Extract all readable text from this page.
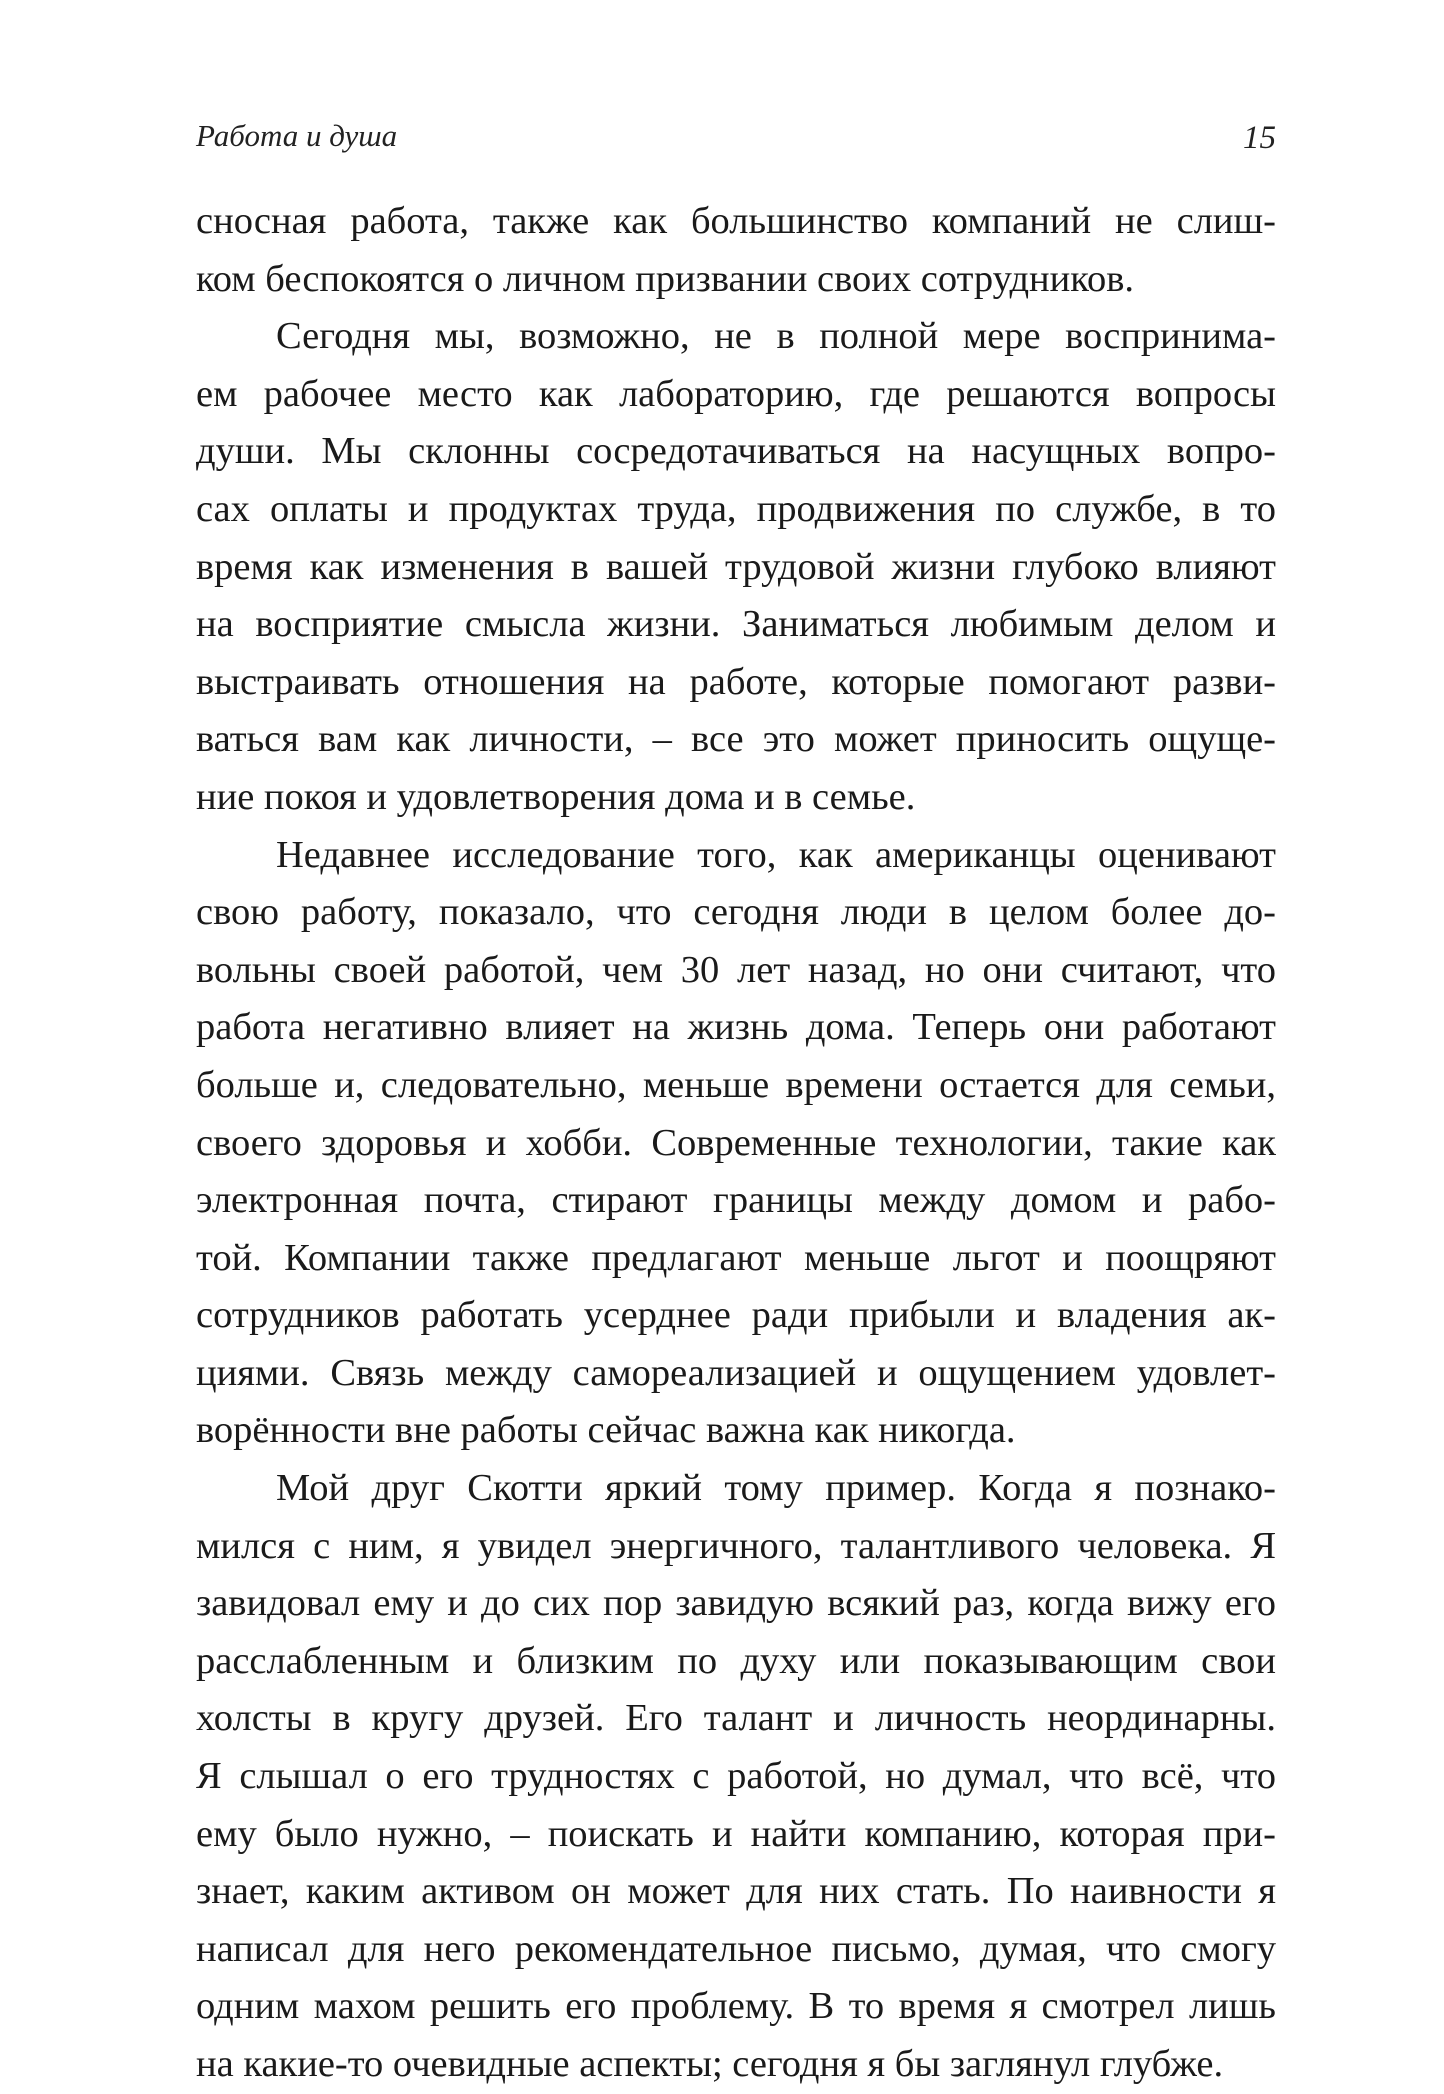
Работа и душа	15
сносная работа, также как большинство компаний не слиш-
ком беспокоятся о личном призвании своих сотрудников.
Сегодня мы, возможно, не в полной мере воспринима-
ем рабочее место как лабораторию, где решаются вопросы
души. Мы склонны сосредотачиваться на насущных вопро-
сах оплаты и продуктах труда, продвижения по службе, в то
время как изменения в вашей трудовой жизни глубоко влияют
на восприятие смысла жизни. Заниматься любимым делом и
выстраивать отношения на работе, которые помогают разви-
ваться вам как личности, – все это может приносить ощуще-
ние покоя и удовлетворения дома и в семье.
Недавнее исследование того, как американцы оценивают
свою работу, показало, что сегодня люди в целом более до-
вольны своей работой, чем 30 лет назад, но они считают, что
работа негативно влияет на жизнь дома. Теперь они работают
больше и, следовательно, меньше времени остается для семьи,
своего здоровья и хобби. Современные технологии, такие как
электронная почта, стирают границы между домом и рабо-
той. Компании также предлагают меньше льгот и поощряют
сотрудников работать усерднее ради прибыли и владения ак-
циями. Связь между самореализацией и ощущением удовлет-
ворённости вне работы сейчас важна как никогда.
Мой друг Скотти яркий тому пример. Когда я познако-
мился с ним, я увидел энергичного, талантливого человека. Я
завидовал ему и до сих пор завидую всякий раз, когда вижу его
расслабленным и близким по духу или показывающим свои
холсты в кругу друзей. Его талант и личность неординарны.
Я слышал о его трудностях с работой, но думал, что всё, что
ему было нужно, – поискать и найти компанию, которая при-
знает, каким активом он может для них стать. По наивности я
написал для него рекомендательное письмо, думая, что смогу
одним махом решить его проблему. В то время я смотрел лишь
на какие-то очевидные аспекты; сегодня я бы заглянул глубже.
